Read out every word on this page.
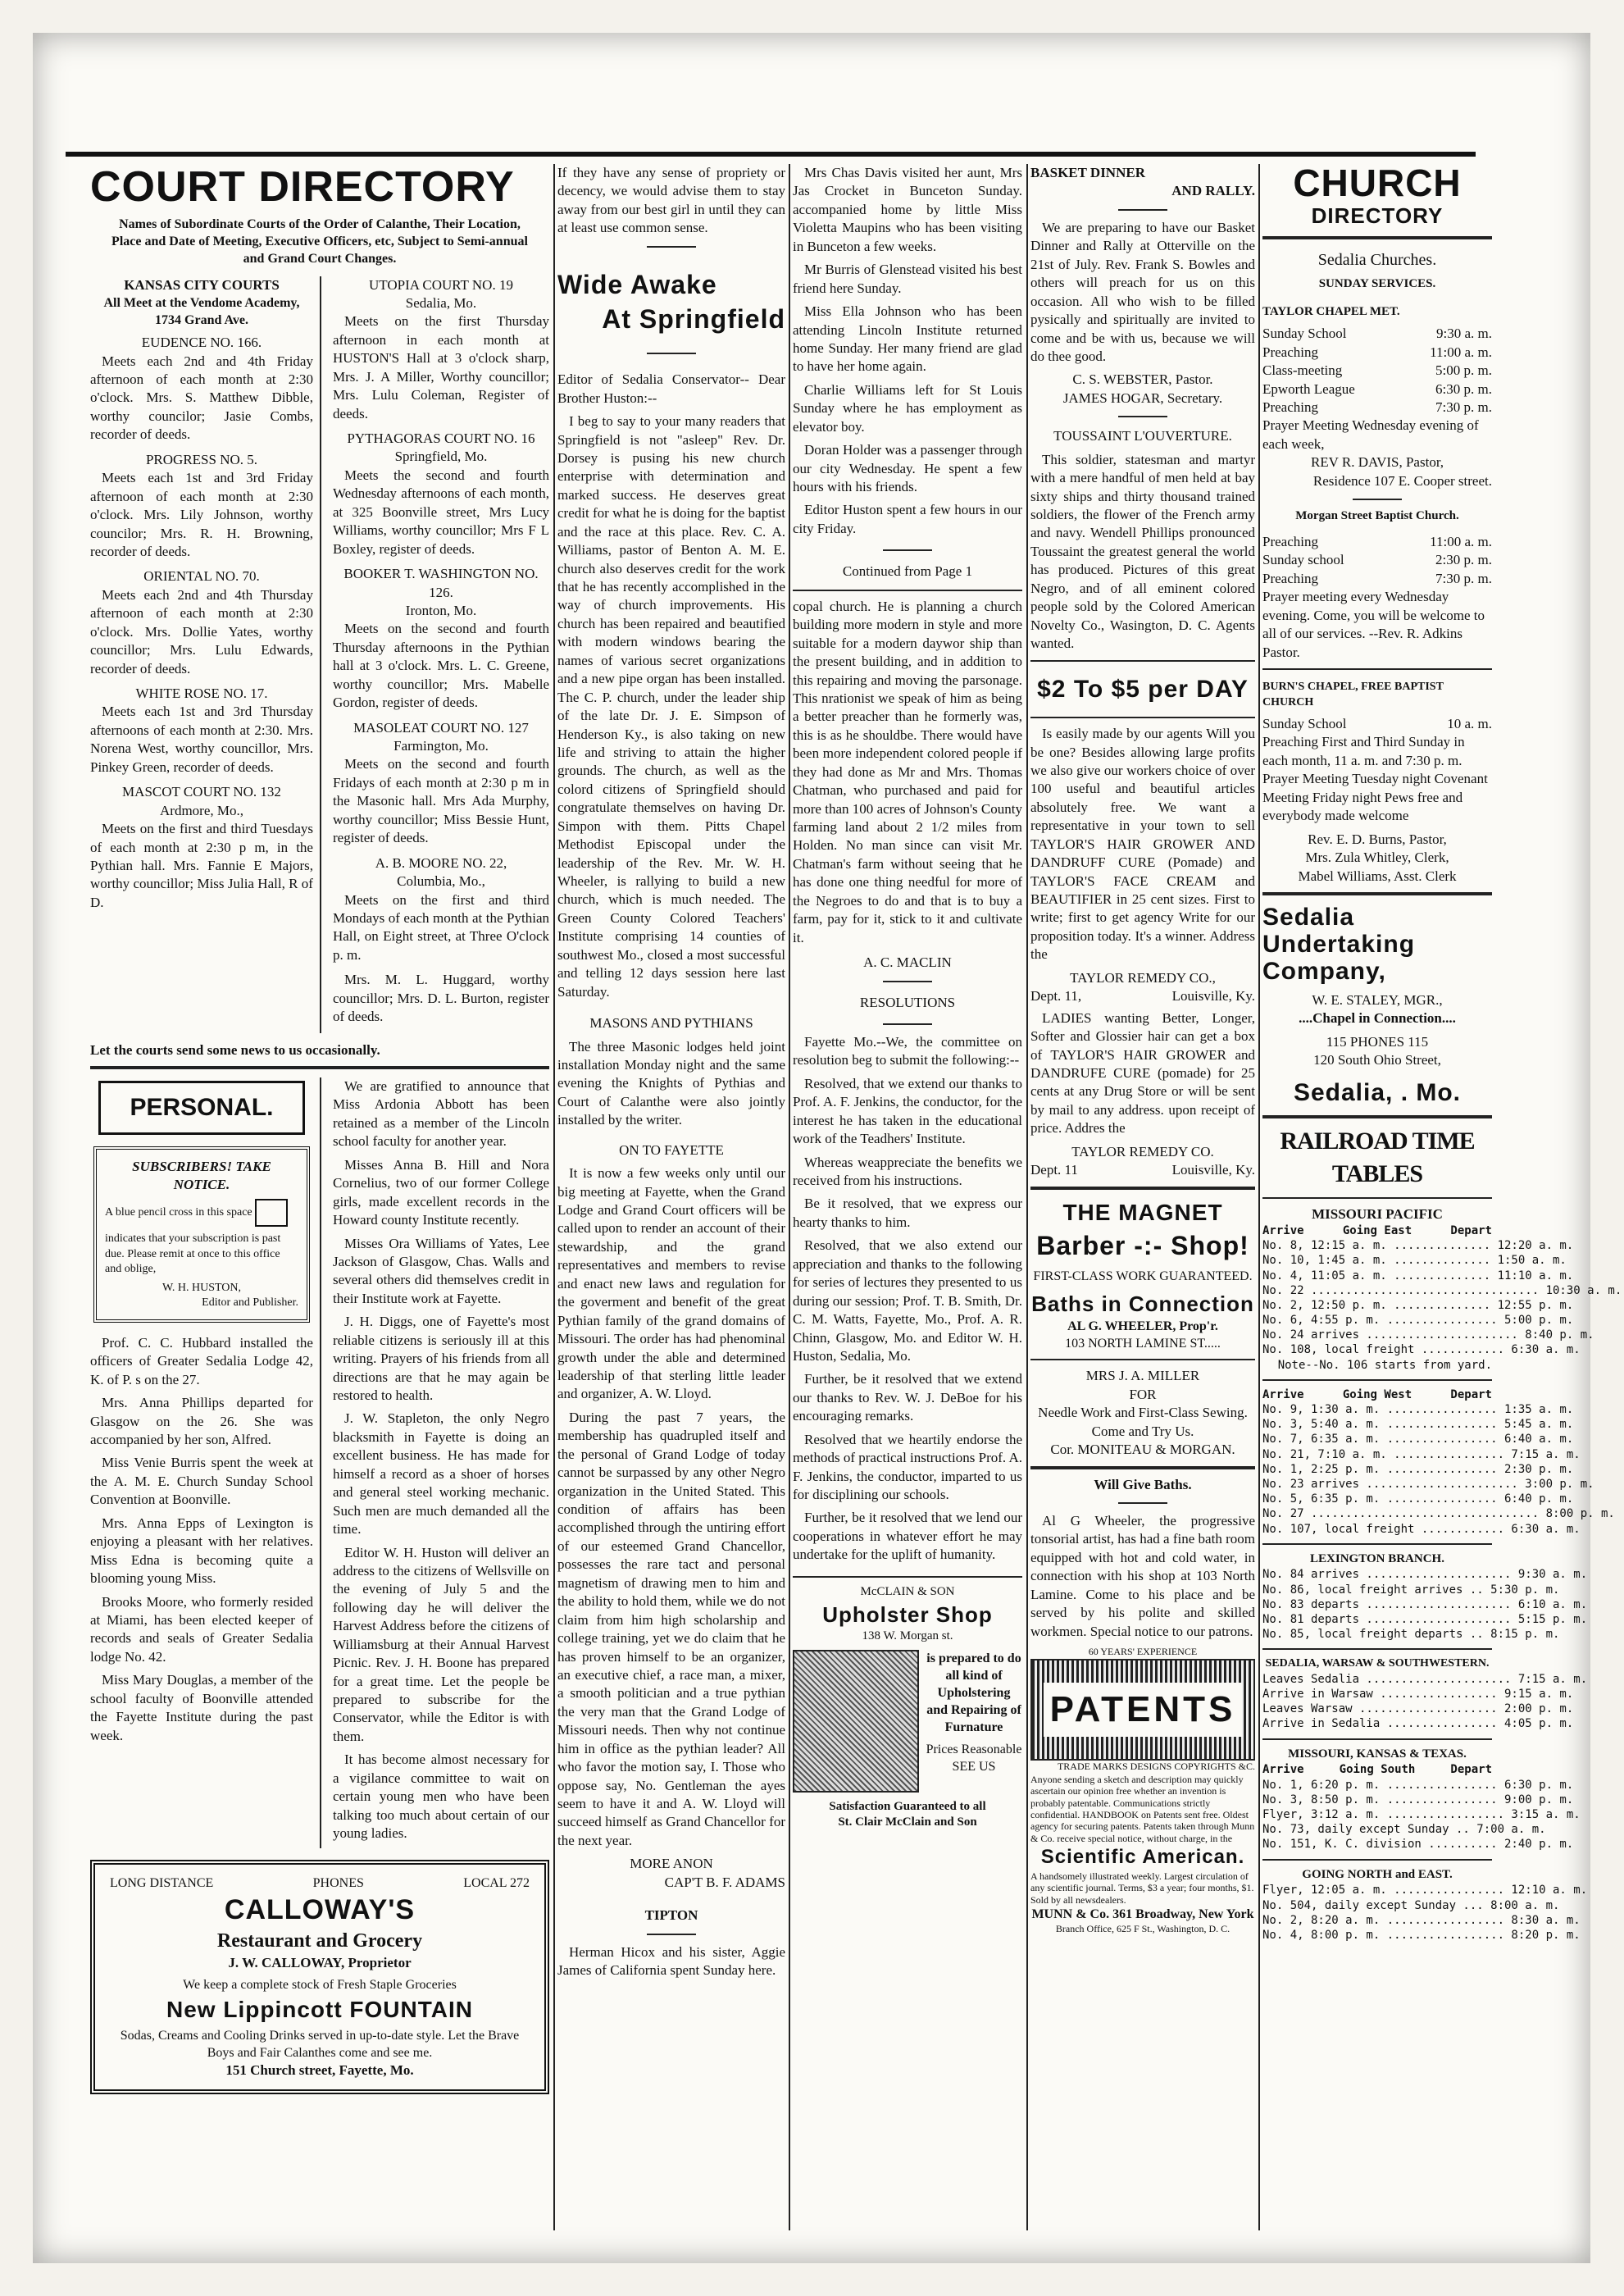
COURT DIRECTORY
Names of Subordinate Courts of the Order of Calanthe, Their Location, Place and Date of Meeting, Executive Officers, etc, Subject to Semi-annual and Grand Court Changes.
KANSAS CITY COURTS
All Meet at the Vendome Academy, 1734 Grand Ave.
EUDENCE NO. 166.

Meets each 2nd and 4th Friday afternoon of each month at 2:30 o'clock. Mrs. S. Matthew Dibble, worthy councilor; Jasie Combs, recorder of deeds.

PROGRESS NO. 5.

Meets each 1st and 3rd Friday afternoon of each month at 2:30 o'clock. Mrs. Lily Johnson, worthy councilor; Mrs. R. H. Browning, recorder of deeds.

ORIENTAL NO. 70.

Meets each 2nd and 4th Thursday afternoon of each month at 2:30 o'clock. Mrs. Dollie Yates, worthy councillor; Mrs. Lulu Edwards, recorder of deeds.

WHITE ROSE NO. 17.

Meets each 1st and 3rd Thursday afternoons of each month at 2:30. Mrs. Norena West, worthy councillor, Mrs. Pinkey Green, recorder of deeds.

MASCOT COURT NO. 132
Ardmore, Mo.,

Meets on the first and third Tuesdays of each month at 2:30 p m, in the Pythian hall. Mrs. Fannie E Majors, worthy councillor; Miss Julia Hall, R of D.

UTOPIA COURT NO. 19
Sedalia, Mo.

Meets on the first Thursday afternoon in each month at HUSTON'S Hall at 3 o'clock sharp, Mrs. J. A Miller, Worthy councillor; Mrs. Lulu Coleman, Register of deeds.

PYTHAGORAS COURT NO. 16
Springfield, Mo.

Meets the second and fourth Wednesday afternoons of each month, at 325 Boonville street, Mrs Lucy Williams, worthy councillor; Mrs F L Boxley, register of deeds.

BOOKER T. WASHINGTON NO. 126.
Ironton, Mo.

Meets on the second and fourth Thursday afternoons in the Pythian hall at 3 o'clock. Mrs. L. C. Greene, worthy councillor; Mrs. Mabelle Gordon, register of deeds.

MASOLEAT COURT NO. 127
Farmington, Mo.

Meets on the second and fourth Fridays of each month at 2:30 p m in the Masonic hall. Mrs Ada Murphy, worthy councillor; Miss Bessie Hunt, register of deeds.

A. B. MOORE NO. 22,
Columbia, Mo.,

Meets on the first and third Mondays of each month at the Pythian Hall, on Eight street, at Three O'clock p. m.

Mrs. M. L. Huggard, worthy councillor; Mrs. D. L. Burton, register of deeds.

Let the courts send some news to us occasionally.

PERSONAL.
SUBSCRIBERS! TAKE NOTICE.
A blue pencil cross in this space
indicates that your subscription is past due. Please remit at once to this office and oblige,
W. H. HUSTON,
Editor and Publisher.

Prof. C. C. Hubbard installed the officers of Greater Sedalia Lodge 42, K. of P. s on the 27.

Mrs. Anna Phillips departed for Glasgow on the 26. She was accompanied by her son, Alfred.

Miss Venie Burris spent the week at the A. M. E. Church Sunday School Convention at Boonville.

Mrs. Anna Epps of Lexington is enjoying a pleasant with her relatives. Miss Edna is becoming quite a blooming young Miss.

Brooks Moore, who formerly resided at Miami, has been elected keeper of records and seals of Greater Sedalia lodge No. 42.

Miss Mary Douglas, a member of the school faculty of Boonville attended the Fayette Institute during the past week.

We are gratified to announce that Miss Ardonia Abbott has been retained as a member of the Lincoln school faculty for another year.

Misses Anna B. Hill and Nora Cornelius, two of our former College girls, made excellent records in the Howard county Institute recently.

Misses Ora Williams of Yates, Lee Jackson of Glasgow, Chas. Walls and several others did themselves credit in their Institute work at Fayette.

J. H. Diggs, one of Fayette's most reliable citizens is seriously ill at this writing. Prayers of his friends from all directions are that he may again be restored to health.

J. W. Stapleton, the only Negro blacksmith in Fayette is doing an excellent business. He has made for himself a record as a shoer of horses and general steel working mechanic. Such men are much demanded all the time.

Editor W. H. Huston will deliver an address to the citizens of Wellsville on the evening of July 5 and the following day he will deliver the Harvest Address before the citizens of Williamsburg at their Annual Harvest Picnic. Rev. J. H. Boone has prepared for a great time. Let the people be prepared to subscribe for the Conservator, while the Editor is with them.

It has become almost necessary for a vigilance committee to wait on certain young men who have been talking too much about certain of our young ladies.

LONG DISTANCE	PHONES	LOCAL 272
CALLOWAY'S
Restaurant and Grocery
J. W. CALLOWAY, Proprietor
We keep a complete stock of Fresh Staple Groceries
New Lippincott FOUNTAIN
Sodas, Creams and Cooling Drinks served in up-to-date style. Let the Brave Boys and Fair Calanthes come and see me.
151 Church street, Fayette, Mo.

If they have any sense of propriety or decency, we would advise them to stay away from our best girl in until they can at least use common sense.

Wide Awake
At Springfield

Editor of Sedalia Conservator-- Dear Brother Huston:--

I beg to say to your many readers that Springfield is not "asleep" Rev. Dr. Dorsey is pusing his new church enterprise with determination and marked success. He deserves great credit for what he is doing for the baptist and the race at this place. Rev. C. A. Williams, pastor of Benton A. M. E. church also deserves credit for the work that he has recently accomplished in the way of church improvements. His church has been repaired and beautified with modern windows bearing the names of various secret organizations and a new pipe organ has been installed. The C. P. church, under the leader ship of the late Dr. J. E. Simpson of Henderson Ky., is also taking on new life and striving to attain the higher grounds. The church, as well as the colord citizens of Springfield should congratulate themselves on having Dr. Simpon with them. Pitts Chapel Methodist Episcopal under the leadership of the Rev. Mr. W. H. Wheeler, is rallying to build a new church, which is much needed. The Green County Colored Teachers' Institute comprising 14 counties of southwest Mo., closed a most successful and telling 12 days session here last Saturday.

MASONS AND PYTHIANS

The three Masonic lodges held joint installation Monday night and the same evening the Knights of Pythias and Court of Calanthe were also jointly installed by the writer.

ON TO FAYETTE

It is now a few weeks only until our big meeting at Fayette, when the Grand Lodge and Grand Court officers will be called upon to render an account of their stewardship, and the grand representatives and members to revise and enact new laws and regulation for the goverment and benefit of the great Pythian family of the grand domains of Missouri. The order has had phenominal growth under the able and determined leadership of that sterling little leader and organizer, A. W. Lloyd.

During the past 7 years, the membership has quadrupled itself and the personal of Grand Lodge of today cannot be surpassed by any other Negro organization in the United Stated. This condition of affairs has been accomplished through the untiring effort of our esteemed Grand Chancellor, possesses the rare tact and personal magnetism of drawing men to him and the ability to hold them, while we do not claim from him high scholarship and college training, yet we do claim that he has proven himself to be an organizer, an executive chief, a race man, a mixer, a smooth politician and a true pythian the very man that the Grand Lodge of Missouri needs. Then why not continue him in office as the pythian leader? All who favor the motion say, I. Those who oppose say, No. Gentleman the ayes seem to have it and A. W. Lloyd will succeed himself as Grand Chancellor for the next year.

MORE ANON
CAP'T B. F. ADAMS
TIPTON

Herman Hicox and his sister, Aggie James of California spent Sunday here.

Mrs Chas Davis visited her aunt, Mrs Jas Crocket in Bunceton Sunday. accompanied home by little Miss Violetta Maupins who has been visiting in Bunceton a few weeks.

Mr Burris of Glenstead visited his best friend here Sunday.

Miss Ella Johnson who has been attending Lincoln Institute returned home Sunday. Her many friend are glad to have her home again.

Charlie Williams left for St Louis Sunday where he has employment as elevator boy.

Doran Holder was a passenger through our city Wednesday. He spent a few hours with his friends.

Editor Huston spent a few hours in our city Friday.

Continued from Page 1

copal church. He is planning a church building more modern in style and more suitable for a modern daywor ship than the present building, and in addition to this repairing and moving the parsonage. This nrationist we speak of him as being a better preacher than he formerly was, this is as he shouldbe. There would have been more independent colored people if they had done as Mr and Mrs. Thomas Chatman, who purchased and paid for more than 100 acres of Johnson's County farming land about 2 1/2 miles from Holden. No man since can visit Mr. Chatman's farm without seeing that he has done one thing needful for more of the Negroes to do and that is to buy a farm, pay for it, stick to it and cultivate it.

A. C. MACLIN
RESOLUTIONS

Fayette Mo.--We, the committee on resolution beg to submit the following:--

Resolved, that we extend our thanks to Prof. A. F. Jenkins, the conductor, for the interest he has taken in the educational work of the Teadhers' Institute.

Whereas weappreciate the benefits we received from his instructions.

Be it resolved, that we express our hearty thanks to him.

Resolved, that we also extend our appreciation and thanks to the following for series of lectures they presented to us during our session; Prof. T. B. Smith, Dr. C. M. Watts, Fayette, Mo., Prof. A. R. Chinn, Glasgow, Mo. and Editor W. H. Huston, Sedalia, Mo.

Further, be it resolved that we extend our thanks to Rev. W. J. DeBoe for his encouraging remarks.

Resolved that we heartily endorse the methods of practical instructions Prof. A. F. Jenkins, the conductor, imparted to us for disciplining our schools.

Further, be it resolved that we lend our cooperations in whatever effort he may undertake for the uplift of humanity.

McCLAIN & SON
Upholster Shop
138 W. Morgan st.
is prepared to do all kind of Upholstering and Repairing of Furnature
Prices Reasonable
SEE US
Satisfaction Guaranteed to all
St. Clair McClain and Son
BASKET DINNER
AND RALLY.

We are preparing to have our Basket Dinner and Rally at Otterville on the 21st of July. Rev. Frank S. Bowles and others will preach for us on this occasion. All who wish to be filled pysically and spiritually are invited to come and be with us, because we will do thee good.

C. S. WEBSTER, Pastor.
JAMES HOGAR, Secretary.
TOUSSAINT L'OUVERTURE.

This soldier, statesman and martyr with a mere handful of men held at bay sixty ships and thirty thousand trained soldiers, the flower of the French army and navy. Wendell Phillips pronounced Toussaint the greatest general the world has produced. Pictures of this great Negro, and of all eminent colored people sold by the Colored American Novelty Co., Wasington, D. C. Agents wanted.

$2 To $5 per DAY

Is easily made by our agents Will you be one? Besides allowing large profits we also give our workers choice of over 100 useful and beautiful articles absolutely free. We want a representative in your town to sell TAYLOR'S HAIR GROWER AND DANDRUFF CURE (Pomade) and TAYLOR'S FACE CREAM and BEAUTIFIER in 25 cent sizes. First to write; first to get agency Write for our proposition today. It's a winner. Address the

TAYLOR REMEDY CO.,
Dept. 11,	Louisville, Ky.

LADIES wanting Better, Longer, Softer and Glossier hair can get a box of TAYLOR'S HAIR GROWER and DANDRUFE CURE (pomade) for 25 cents at any Drug Store or will be sent by mail to any address. upon receipt of price. Addres the

TAYLOR REMEDY CO.
Dept. 11	Louisville, Ky.
THE MAGNET
Barber -:- Shop!
FIRST-CLASS WORK GUARANTEED.
Baths in Connection
AL G. WHEELER, Prop'r.
103 NORTH LAMINE ST.....
MRS J. A. MILLER
FOR
Needle Work and First-Class Sewing. Come and Try Us.
Cor. MONITEAU & MORGAN.
Will Give Baths.

Al G Wheeler, the progressive tonsorial artist, has had a fine bath room equipped with hot and cold water, in connection with his shop at 103 North Lamine. Come to his place and be served by his polite and skilled workmen. Special notice to our patrons.

60 YEARS' EXPERIENCE
PATENTS
TRADE MARKS DESIGNS COPYRIGHTS &C.
Anyone sending a sketch and description may quickly ascertain our opinion free whether an invention is probably patentable. Communications strictly confidential. HANDBOOK on Patents sent free. Oldest agency for securing patents. Patents taken through Munn & Co. receive special notice, without charge, in the
Scientific American.
A handsomely illustrated weekly. Largest circulation of any scientific journal. Terms, $3 a year; four months, $1. Sold by all newsdealers.
MUNN & Co. 361 Broadway, New York
Branch Office, 625 F St., Washington, D. C.
CHURCH
DIRECTORY
Sedalia Churches.
SUNDAY SERVICES.
TAYLOR CHAPEL MET.
Sunday School	9:30 a. m.
Preaching	11:00 a. m.
Class-meeting	5:00 p. m.
Epworth League	6:30 p. m.
Preaching	7:30 p. m.
Prayer Meeting Wednesday evening of each week,
REV R. DAVIS, Pastor,
Residence 107 E. Cooper street.
Morgan Street Baptist Church.
Preaching	11:00 a. m.
Sunday school	2:30 p. m.
Preaching	7:30 p. m.
Prayer meeting every Wednesday evening. Come, you will be welcome to all of our services. --Rev. R. Adkins Pastor.
BURN'S CHAPEL, FREE BAPTIST CHURCH
Sunday School	10 a. m.
Preaching First and Third Sunday in each month, 11 a. m. and 7:30 p. m.
Prayer Meeting Tuesday night Covenant Meeting Friday night Pews free and everybody made welcome
Rev. E. D. Burns, Pastor,
Mrs. Zula Whitley, Clerk,
Mabel Williams, Asst. Clerk
Sedalia Undertaking Company,
W. E. STALEY, MGR.,
....Chapel in Connection....
115 PHONES 115
120 South Ohio Street,
Sedalia, . Mo.
RAILROAD TIME TABLES
MISSOURI PACIFIC
Arrive	Going East	Depart
No. 8, 12:15 a. m. .............. 12:20 a. m.
No. 10, 1:45 a. m. .............. 1:50 a. m.
No. 4, 11:05 a. m. .............. 11:10 a. m.
No. 22 ................................. 10:30 a. m.
No. 2, 12:50 p. m. .............. 12:55 p. m.
No. 6, 4:55 p. m. ................ 5:00 p. m.
No. 24 arrives ...................... 8:40 p. m.
No. 108, local freight ............ 6:30 a. m.
Note--No. 106 starts from yard.
Arrive	Going West	Depart
No. 9, 1:30 a. m. ................ 1:35 a. m.
No. 3, 5:40 a. m. ................ 5:45 a. m.
No. 7, 6:35 a. m. ................ 6:40 a. m.
No. 21, 7:10 a. m. ................ 7:15 a. m.
No. 1, 2:25 p. m. ................ 2:30 p. m.
No. 23 arrives ...................... 3:00 p. m.
No. 5, 6:35 p. m. ................ 6:40 p. m.
No. 27 ................................. 8:00 p. m.
No. 107, local freight ............ 6:30 a. m.
LEXINGTON BRANCH.
No. 84 arrives ..................... 9:30 a. m.
No. 86, local freight arrives .. 5:30 p. m.
No. 83 departs ..................... 6:10 a. m.
No. 81 departs ..................... 5:15 p. m.
No. 85, local freight departs .. 8:15 p. m.
SEDALIA, WARSAW & SOUTHWESTERN.
Leaves Sedalia ..................... 7:15 a. m.
Arrive in Warsaw ................. 9:15 a. m.
Leaves Warsaw .................... 2:00 p. m.
Arrive in Sedalia ................ 4:05 p. m.
MISSOURI, KANSAS & TEXAS.
Arrive	Going South	Depart
No. 1, 6:20 p. m. ................ 6:30 p. m.
No. 3, 8:50 p. m. ................ 9:00 p. m.
Flyer, 3:12 a. m. ................. 3:15 a. m.
No. 73, daily except Sunday .. 7:00 a. m.
No. 151, K. C. division .......... 2:40 p. m.
GOING NORTH and EAST.
Flyer, 12:05 a. m. ................ 12:10 a. m.
No. 504, daily except Sunday ... 8:00 a. m.
No. 2, 8:20 a. m. ................. 8:30 a. m.
No. 4, 8:00 p. m. ................. 8:20 p. m.
